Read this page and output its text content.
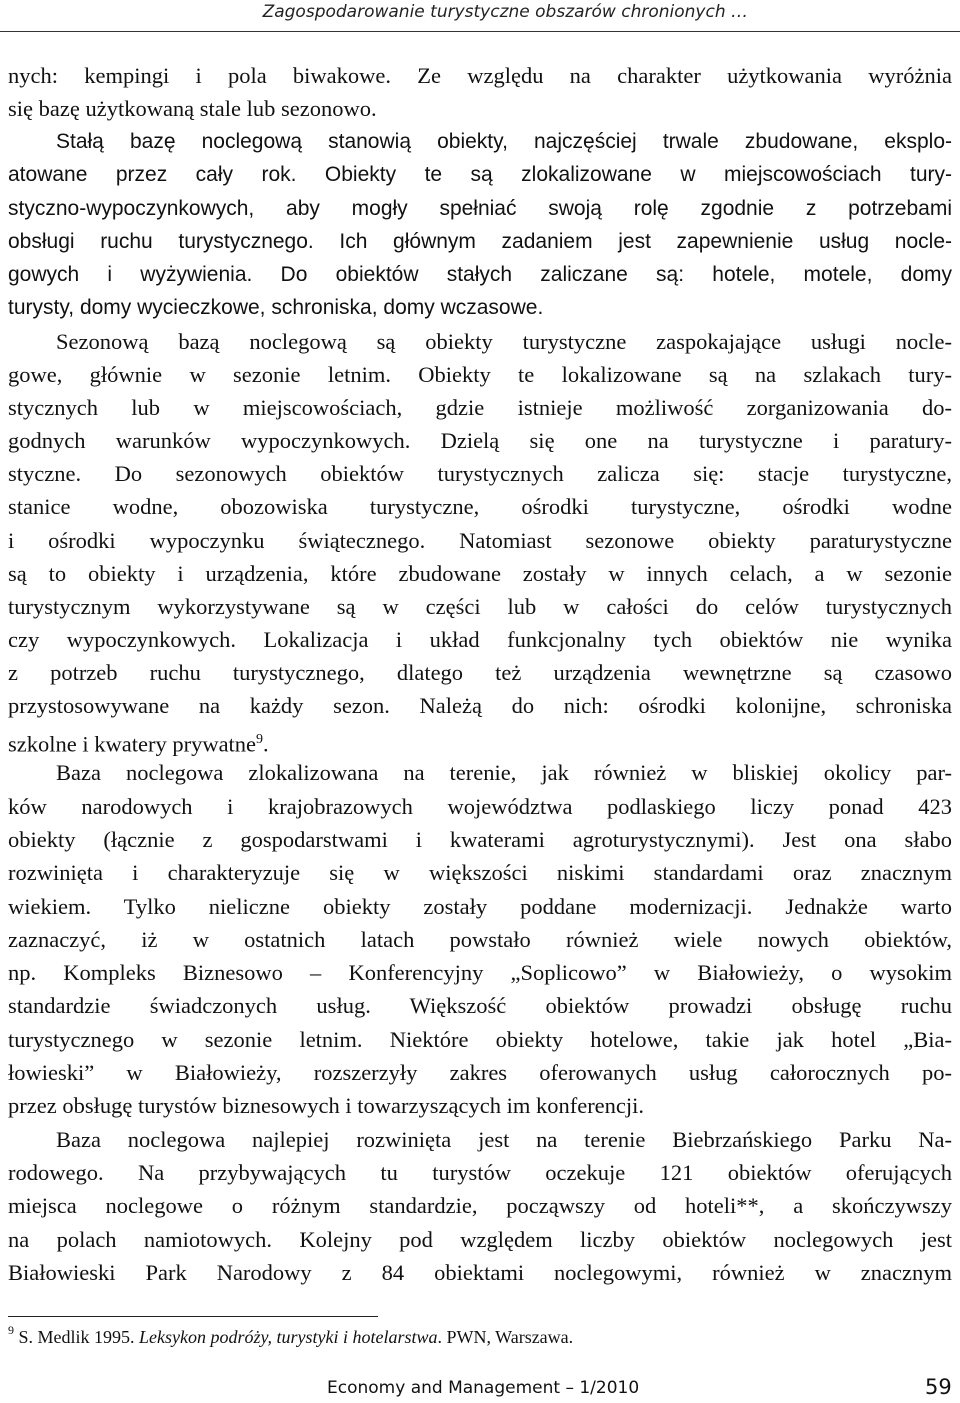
Zagospodarowanie turystyczne obszarów chronionych …
nych: kempingi i pola biwakowe. Ze względu na charakter użytkowania wyróżnia
się bazę użytkowaną stale lub sezonowo.
Stałą bazę noclegową stanowią obiekty, najczęściej trwale zbudowane, eksplo-
atowane przez cały rok. Obiekty te są zlokalizowane w miejscowościach tury-
styczno-wypoczynkowych, aby mogły spełniać swoją rolę zgodnie z potrzebami
obsługi ruchu turystycznego. Ich głównym zadaniem jest zapewnienie usług nocle-
gowych i wyżywienia. Do obiektów stałych zaliczane są: hotele, motele, domy
turysty, domy wycieczkowe, schroniska, domy wczasowe.
Sezonową bazą noclegową są obiekty turystyczne zaspokajające usługi nocle-
gowe, głównie w sezonie letnim. Obiekty te lokalizowane są na szlakach tury-
stycznych lub w miejscowościach, gdzie istnieje możliwość zorganizowania do-
godnych warunków wypoczynkowych. Dzielą się one na turystyczne i paratury-
styczne. Do sezonowych obiektów turystycznych zalicza się: stacje turystyczne,
stanice wodne, obozowiska turystyczne, ośrodki turystyczne, ośrodki wodne
i ośrodki wypoczynku świątecznego. Natomiast sezonowe obiekty paraturystyczne
są to obiekty i urządzenia, które zbudowane zostały w innych celach, a w sezonie
turystycznym wykorzystywane są w części lub w całości do celów turystycznych
czy wypoczynkowych. Lokalizacja i układ funkcjonalny tych obiektów nie wynika
z potrzeb ruchu turystycznego, dlatego też urządzenia wewnętrzne są czasowo
przystosowywane na każdy sezon. Należą do nich: ośrodki kolonijne, schroniska
szkolne i kwatery prywatne$^9$.
Baza noclegowa zlokalizowana na terenie, jak również w bliskiej okolicy par-
ków narodowych i krajobrazowych województwa podlaskiego liczy ponad 423
obiekty (łącznie z gospodarstwami i kwaterami agroturystycznymi). Jest ona słabo
rozwinięta i charakteryzuje się w większości niskimi standardami oraz znacznym
wiekiem. Tylko nieliczne obiekty zostały poddane modernizacji. Jednakże warto
zaznaczyć, iż w ostatnich latach powstało również wiele nowych obiektów,
np. Kompleks Biznesowo – Konferencyjny „Soplicowo” w Białowieży, o wysokim
standardzie świadczonych usług. Większość obiektów prowadzi obsługę ruchu
turystycznego w sezonie letnim. Niektóre obiekty hotelowe, takie jak hotel „Bia-
łowieski” w Białowieży, rozszerzyły zakres oferowanych usług całorocznych po-
przez obsługę turystów biznesowych i towarzyszących im konferencji.
Baza noclegowa najlepiej rozwinięta jest na terenie Biebrzańskiego Parku Na-
rodowego. Na przybywających tu turystów oczekuje 121 obiektów oferujących
miejsca noclegowe o różnym standardzie, począwszy od hoteli**, a skończywszy
na polach namiotowych. Kolejny pod względem liczby obiektów noclegowych jest
Białowieski Park Narodowy z 84 obiektami noclegowymi, również w znacznym
$^9$ S. Medlik 1995. Leksykon podróży, turystyki i hotelarstwa. PWN, Warszawa.
Economy and Management – 1/2010	59
